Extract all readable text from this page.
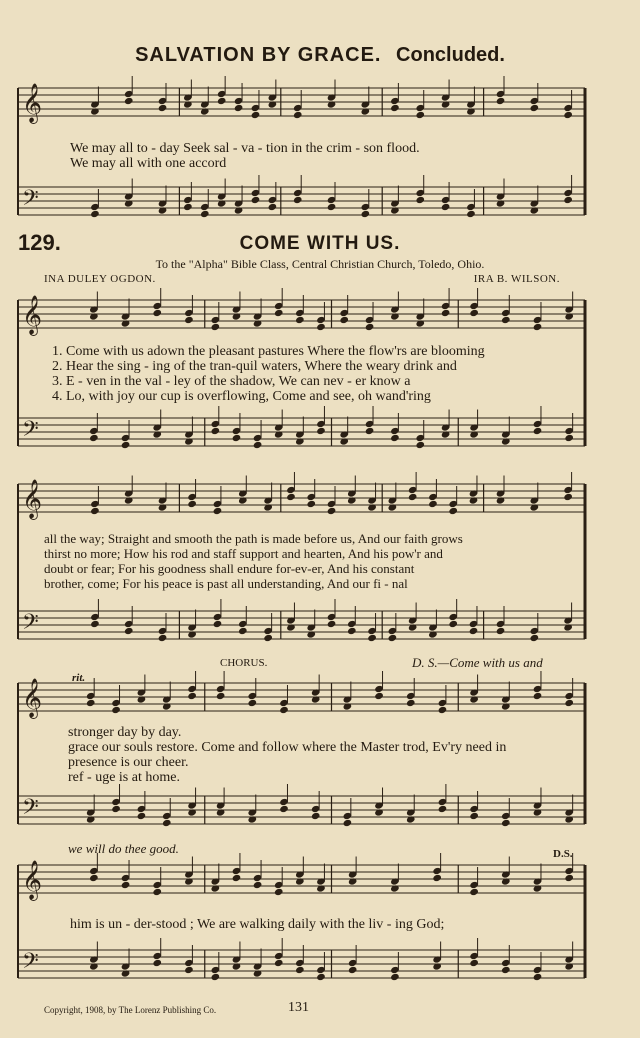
SALVATION BY GRACE. Concluded.
𝄞
𝄢
𝄞
𝄢
𝄞
𝄢
𝄞
𝄢
𝄞
𝄢
We may all to - day Seek sal - va - tion in the crim - son flood.
We may all with one accord
129.	COME WITH US.
To the "Alpha" Bible Class, Central Christian Church, Toledo, Ohio.
INA DULEY OGDON.	IRA B. WILSON.
1. Come with us adown the pleasant pastures Where the flow'rs are blooming
2. Hear the sing - ing of the tran-quil waters, Where the weary drink and
3. E - ven in the val - ley of the shadow, We can nev - er know a
4. Lo, with joy our cup is overflowing, Come and see, oh wand'ring
all the way; Straight and smooth the path is made before us, And our faith grows
thirst no more; How his rod and staff support and hearten, And his pow'r and
doubt or fear; For his goodness shall endure for-ev-er, And his constant
brother, come; For his peace is past all understanding, And our fi - nal
CHORUS.	D. S.—Come with us and
rit.
stronger day by day.
grace our souls restore. Come and follow where the Master trod, Ev'ry need in
presence is our cheer.
ref - uge is at home.
we will do thee good.	D.S.
him is un - der-stood ; We are walking daily with the liv - ing God;
Copyright, 1908, by The Lorenz Publishing Co.	131
